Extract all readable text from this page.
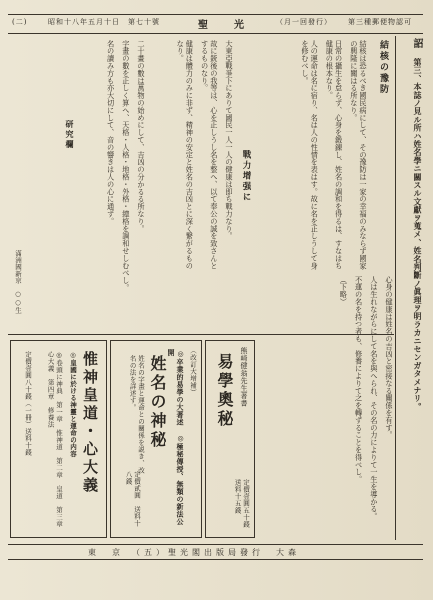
(二)	昭和十八年五月十日　第七十號	聖　光	（月一回發行） 第三種郵便物認可
詔
第三、本誌ノ見ル所ハ姓名學ニ關スル文獻ヲ蒐メ、姓名判斷ノ眞理ヲ明ラカニセンガタメナリ。
結核の豫防

結核は恐るべき國民病にして、その豫防は一家の幸福のみならず國家の興隆に關はる所なり。

日常の攝生を怠らず、心身を鍛錬し、姓名の調和を得るは、すなはち健康の根本なり。

人の運命は名に宿り、名は人の性情を表はす。故に名を正しうして身を修むべし。

戰力增强に

大東亞戰爭下にありて國民一人一人の健康は即ち戰力なり。

故に銃後の我等は、心を正しうし名を整へ、以て奉公の誠を致さんとするものなり。

健康は體力のみに非ず、精神の安定と姓名の吉凶とに深く繋がるものなり。

研究欄	二十畫の數は萬物の始めにして、吉凶の分かるる所なり。

字畫の數を正しく算へ、天格・人格・地格・外格・總格を調和せしむべし。

名の讀み方も亦大切にして、音の響きは人の心に通ず。

滿洲國新京　○○生	心身の健康は姓名の吉凶と密接なる關係を有す。

人は生れながらにして名を與へられ、その名の力によりて一生を導かる。

不運の名を持つ者も、修養によりて之を轉ずることを得べし。

（下略）

熊﨑健翁先生著書
易學奧秘
定價壹圓五十錢　送料十五錢
（改訂大增補）
◎卒業的易學の大著述　◎極秘傳授、無類の新法公開
姓名の神秘
姓名の字畫と運命との關係を説き、改名の法を詳述す。
定價貳圓　送料十八錢
惟神皇道・心大義
◎皇國に於ける神靈と運命の内容
◎卷頭に神典　第一章　惟神道　第二章　皇道　第三章　心大義　第四章　修養法
定價壹圓八十錢（一冊）送料十錢
東　京　（五）聖光閣出版局發行　大森
